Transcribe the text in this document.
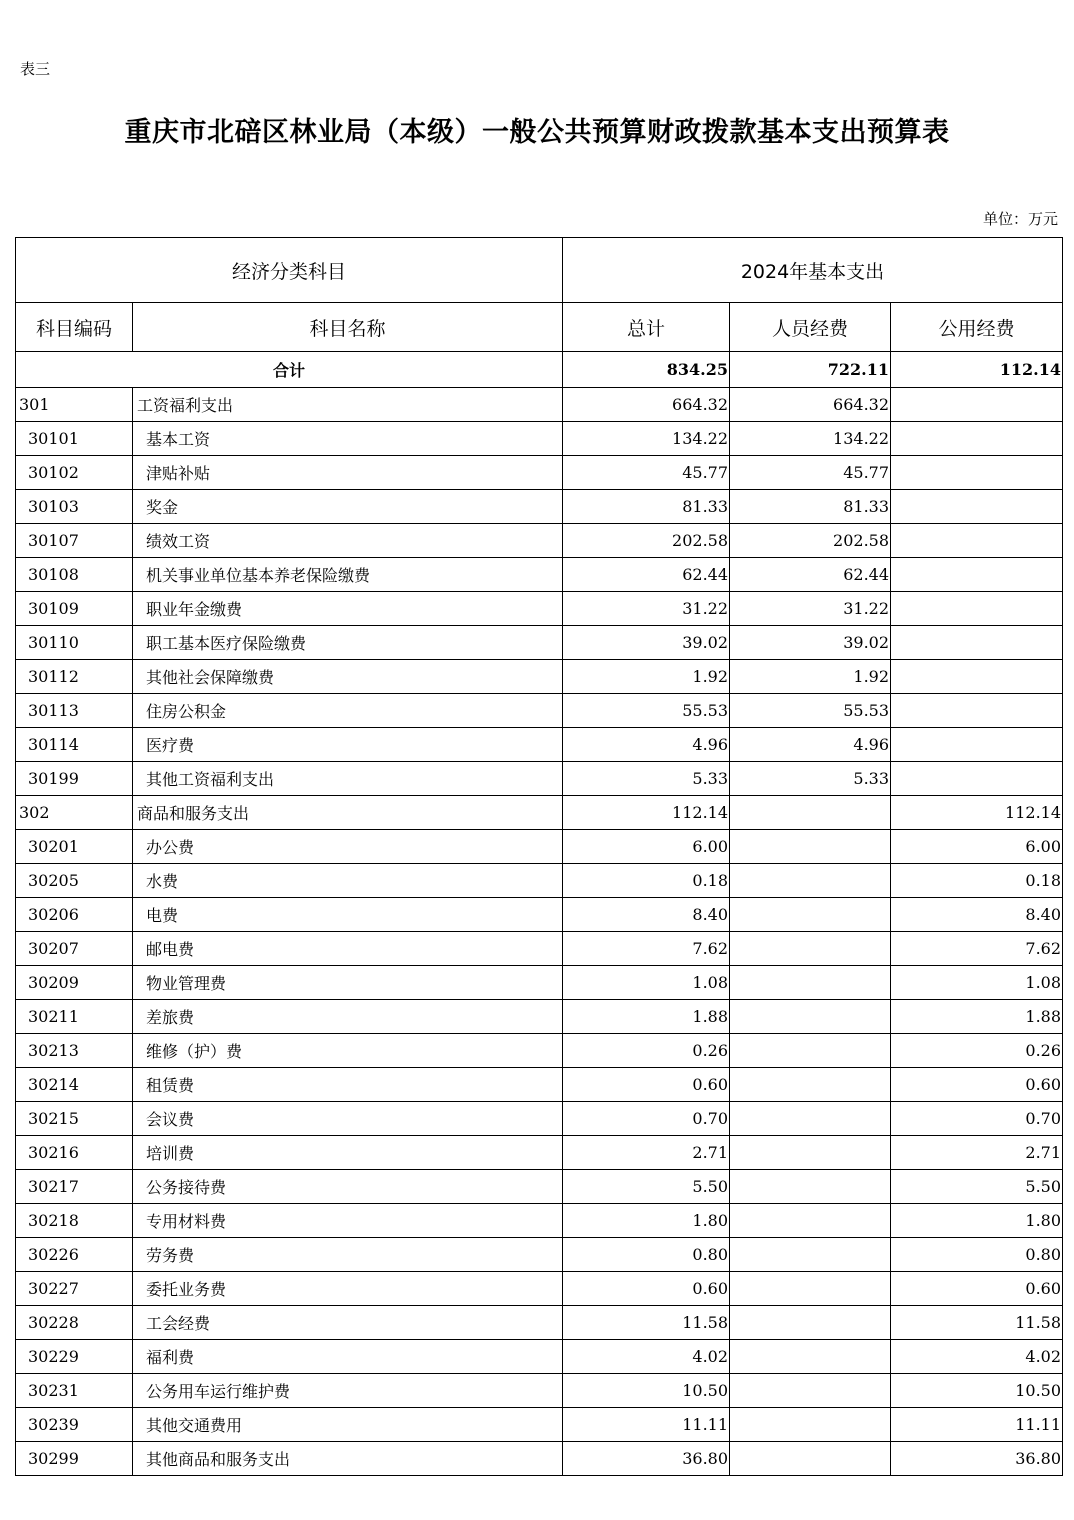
表三
重庆市北碚区林业局（本级）一般公共预算财政拨款基本支出预算表
单位：万元
经济分类科目		2024年基本支出		
科目编码	科目名称	总计	人员经费	公用经费
合计		834.25	722.11	112.14
301	工资福利支出	664.32	664.32	
30101	基本工资	134.22	134.22	
30102	津贴补贴	45.77	45.77	
30103	奖金	81.33	81.33	
30107	绩效工资	202.58	202.58	
30108	机关事业单位基本养老保险缴费	62.44	62.44	
30109	职业年金缴费	31.22	31.22	
30110	职工基本医疗保险缴费	39.02	39.02	
30112	其他社会保障缴费	1.92	1.92	
30113	住房公积金	55.53	55.53	
30114	医疗费	4.96	4.96	
30199	其他工资福利支出	5.33	5.33	
302	商品和服务支出	112.14		112.14
30201	办公费	6.00		6.00
30205	水费	0.18		0.18
30206	电费	8.40		8.40
30207	邮电费	7.62		7.62
30209	物业管理费	1.08		1.08
30211	差旅费	1.88		1.88
30213	维修（护）费	0.26		0.26
30214	租赁费	0.60		0.60
30215	会议费	0.70		0.70
30216	培训费	2.71		2.71
30217	公务接待费	5.50		5.50
30218	专用材料费	1.80		1.80
30226	劳务费	0.80		0.80
30227	委托业务费	0.60		0.60
30228	工会经费	11.58		11.58
30229	福利费	4.02		4.02
30231	公务用车运行维护费	10.50		10.50
30239	其他交通费用	11.11		11.11
30299	其他商品和服务支出	36.80		36.80
